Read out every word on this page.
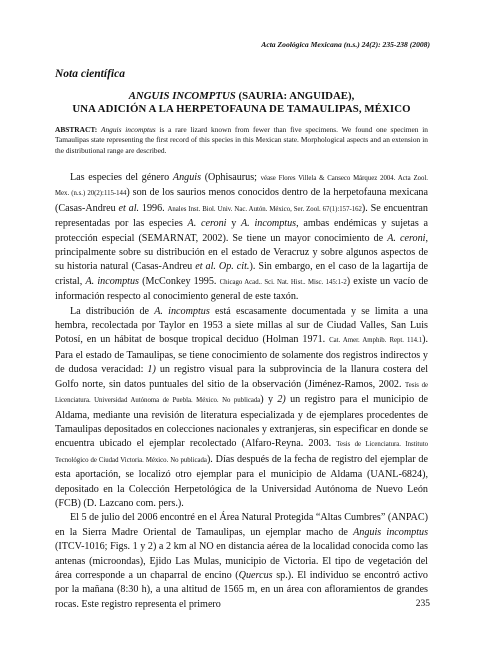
Acta Zoológica Mexicana (n.s.) 24(2): 235-238 (2008)
Nota científica
ANGUIS INCOMPTUS (SAURIA: ANGUIDAE),
UNA ADICIÓN A LA HERPETOFAUNA DE TAMAULIPAS, MÉXICO
ABSTRACT: Anguis incomptus is a rare lizard known from fewer than five specimens. We found one specimen in Tamaulipas state representing the first record of this species in this Mexican state. Morphological aspects and an extension in the distributional range are described.

Las especies del género Anguis (Ophisaurus; véase Flores Villela & Canseco Márquez 2004. Acta Zool. Mex. (n.s.) 20(2):115-144) son de los saurios menos conocidos dentro de la herpetofauna mexicana (Casas-Andreu et al. 1996. Anales Inst. Biol. Univ. Nac. Autón. México, Ser. Zool. 67(1):157-162). Se encuentran representadas por las especies A. ceroni y A. incomptus, ambas endémicas y sujetas a protección especial (SEMARNAT, 2002). Se tiene un mayor conocimiento de A. ceroni, principalmente sobre su distribución en el estado de Veracruz y sobre algunos aspectos de su historia natural (Casas-Andreu et al. Op. cit.). Sin embargo, en el caso de la lagartija de cristal, A. incomptus (McConkey 1995. Chicago Acad.. Sci. Nat. Hist.. Misc. 145:1-2) existe un vacío de información respecto al conocimiento general de este taxón.

La distribución de A. incomptus está escasamente documentada y se limita a una hembra, recolectada por Taylor en 1953 a siete millas al sur de Ciudad Valles, San Luis Potosí, en un hábitat de bosque tropical deciduo (Holman 1971. Cat. Amer. Amphib. Rept. 114.1). Para el estado de Tamaulipas, se tiene conocimiento de solamente dos registros indirectos y de dudosa veracidad: 1) un registro visual para la subprovincia de la llanura costera del Golfo norte, sin datos puntuales del sitio de la observación (Jiménez-Ramos, 2002. Tesis de Licenciatura. Universidad Autónoma de Puebla. México. No publicada) y 2) un registro para el municipio de Aldama, mediante una revisión de literatura especializada y de ejemplares procedentes de Tamaulipas depositados en colecciones nacionales y extranjeras, sin especificar en donde se encuentra ubicado el ejemplar recolectado (Alfaro-Reyna. 2003. Tesis de Licenciatura. Instituto Tecnológico de Ciudad Victoria. México. No publicada). Días después de la fecha de registro del ejemplar de esta aportación, se localizó otro ejemplar para el municipio de Aldama (UANL-6824), depositado en la Colección Herpetológica de la Universidad Autónoma de Nuevo León (FCB) (D. Lazcano com. pers.).

El 5 de julio del 2006 encontré en el Área Natural Protegida “Altas Cumbres” (ANPAC) en la Sierra Madre Oriental de Tamaulipas, un ejemplar macho de Anguis incomptus (ITCV-1016; Figs. 1 y 2) a 2 km al NO en distancia aérea de la localidad conocida como las antenas (microondas), Ejido Las Mulas, municipio de Victoria. El tipo de vegetación del área corresponde a un chaparral de encino (Quercus sp.). El individuo se encontró activo por la mañana (8:30 h), a una altitud de 1565 m, en un área con afloramientos de grandes rocas. Este registro representa el primero	235
